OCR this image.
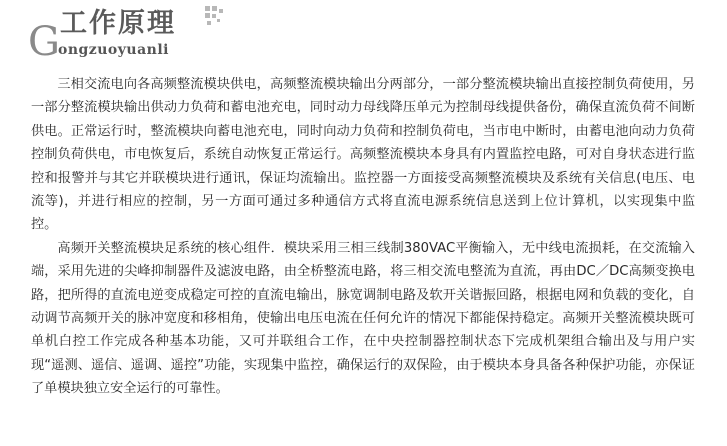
G 工作原理
ongzuoyuanli

三相交流电向各高频整流模块供电，高频整流模块输出分两部分，一部分整流模块输出直接控制负荷使用，另一部分整流模块输出供动力负荷和蓄电池充电，同时动力母线降压单元为控制母线提供备份，确保直流负荷不间断供电。正常运行时，整流模块向蓄电池充电，同时向动力负荷和控制负荷电，当市电中断时，由蓄电池向动力负荷控制负荷供电，市电恢复后，系统自动恢复正常运行。高频整流模块本身具有内置监控电路，可对自身状态进行监控和报警并与其它并联模块进行通讯，保证均流输出。监控器一方面接受高频整流模块及系统有关信息(电压、电流等)，并进行相应的控制，另一方面可通过多种通信方式将直流电源系统信息送到上位计算机，以实现集中监控。

高频开关整流模块足系统的核心组件．模块采用三相三线制380VAC平衡输入，无中线电流损耗，在交流输入端，采用先进的尖峰抑制器件及滤波电路，由全桥整流电路，将三相交流电整流为直流，再由DC／DC高频变换电路，把所得的直流电逆变成稳定可控的直流电输出，脉宽调制电路及软开关谐振回路，根据电网和负载的变化，自动调节高频开关的脉冲宽度和移相角，使输出电压电流在任何允许的情况下都能保持稳定。高频开关整流模块既可单机白控工作完成各种基本功能，又可并联组合工作，在中央控制器控制状态下完成机架组合输出及与用户实现“遥测、遥信、遥调、遥控”功能，实现集中监控，确保运行的双保险，由于模块本身具备各种保护功能，亦保证了单模块独立安全运行的可靠性。
